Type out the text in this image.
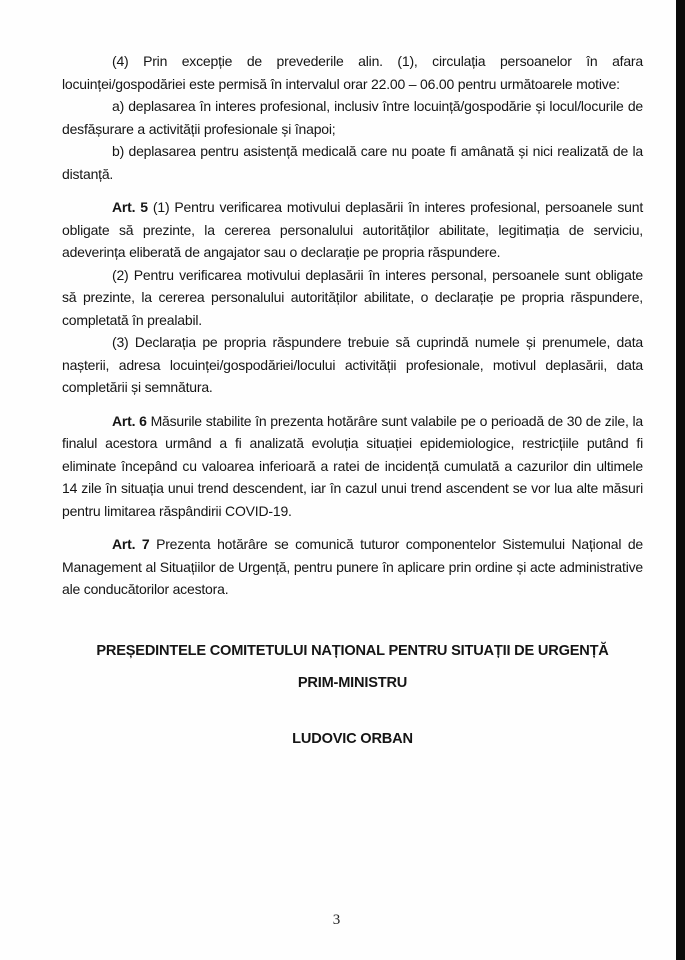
(4) Prin excepție de prevederile alin. (1), circulația persoanelor în afara locuinței/gospodăriei este permisă în intervalul orar 22.00 – 06.00 pentru următoarele motive:

a) deplasarea în interes profesional, inclusiv între locuință/gospodărie și locul/locurile de desfășurare a activității profesionale și înapoi;

b) deplasarea pentru asistență medicală care nu poate fi amânată și nici realizată de la distanță.

Art. 5 (1) Pentru verificarea motivului deplasării în interes profesional, persoanele sunt obligate să prezinte, la cererea personalului autorităților abilitate, legitimația de serviciu, adeverința eliberată de angajator sau o declarație pe propria răspundere.

(2) Pentru verificarea motivului deplasării în interes personal, persoanele sunt obligate să prezinte, la cererea personalului autorităților abilitate, o declarație pe propria răspundere, completată în prealabil.

(3) Declarația pe propria răspundere trebuie să cuprindă numele și prenumele, data nașterii, adresa locuinței/gospodăriei/locului activității profesionale, motivul deplasării, data completării și semnătura.

Art. 6 Măsurile stabilite în prezenta hotărâre sunt valabile pe o perioadă de 30 de zile, la finalul acestora urmând a fi analizată evoluția situației epidemiologice, restricțiile putând fi eliminate începând cu valoarea inferioară a ratei de incidență cumulată a cazurilor din ultimele 14 zile în situația unui trend descendent, iar în cazul unui trend ascendent se vor lua alte măsuri pentru limitarea răspândirii COVID-19.

Art. 7 Prezenta hotărâre se comunică tuturor componentelor Sistemului Național de Management al Situațiilor de Urgență, pentru punere în aplicare prin ordine și acte administrative ale conducătorilor acestora.

PREȘEDINTELE COMITETULUI NAȚIONAL PENTRU SITUAȚII DE URGENȚĂ

PRIM-MINISTRU

LUDOVIC ORBAN

3
